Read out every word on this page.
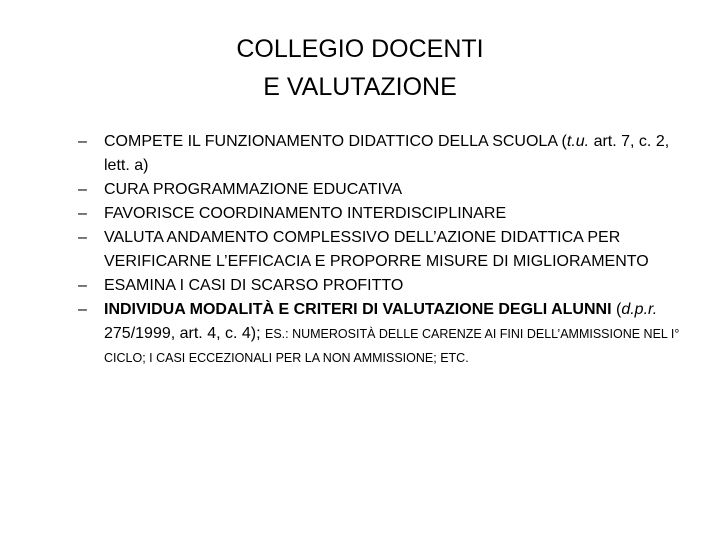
COLLEGIO DOCENTI
E VALUTAZIONE
–	COMPETE IL FUNZIONAMENTO DIDATTICO DELLA SCUOLA (t.u. art. 7, c. 2, lett. a)
–	CURA PROGRAMMAZIONE EDUCATIVA
–	FAVORISCE COORDINAMENTO INTERDISCIPLINARE
–	VALUTA ANDAMENTO COMPLESSIVO DELL’AZIONE DIDATTICA PER VERIFICARNE L’EFFICACIA E PROPORRE MISURE DI MIGLIORAMENTO
–	ESAMINA I CASI DI SCARSO PROFITTO
–	INDIVIDUA MODALITÀ E CRITERI DI VALUTAZIONE DEGLI ALUNNI (d.p.r. 275/1999, art. 4, c. 4); ES.: NUMEROSITÀ DELLE CARENZE AI FINI DELL’AMMISSIONE NEL I° CICLO; I CASI ECCEZIONALI PER LA NON AMMISSIONE; ETC.
